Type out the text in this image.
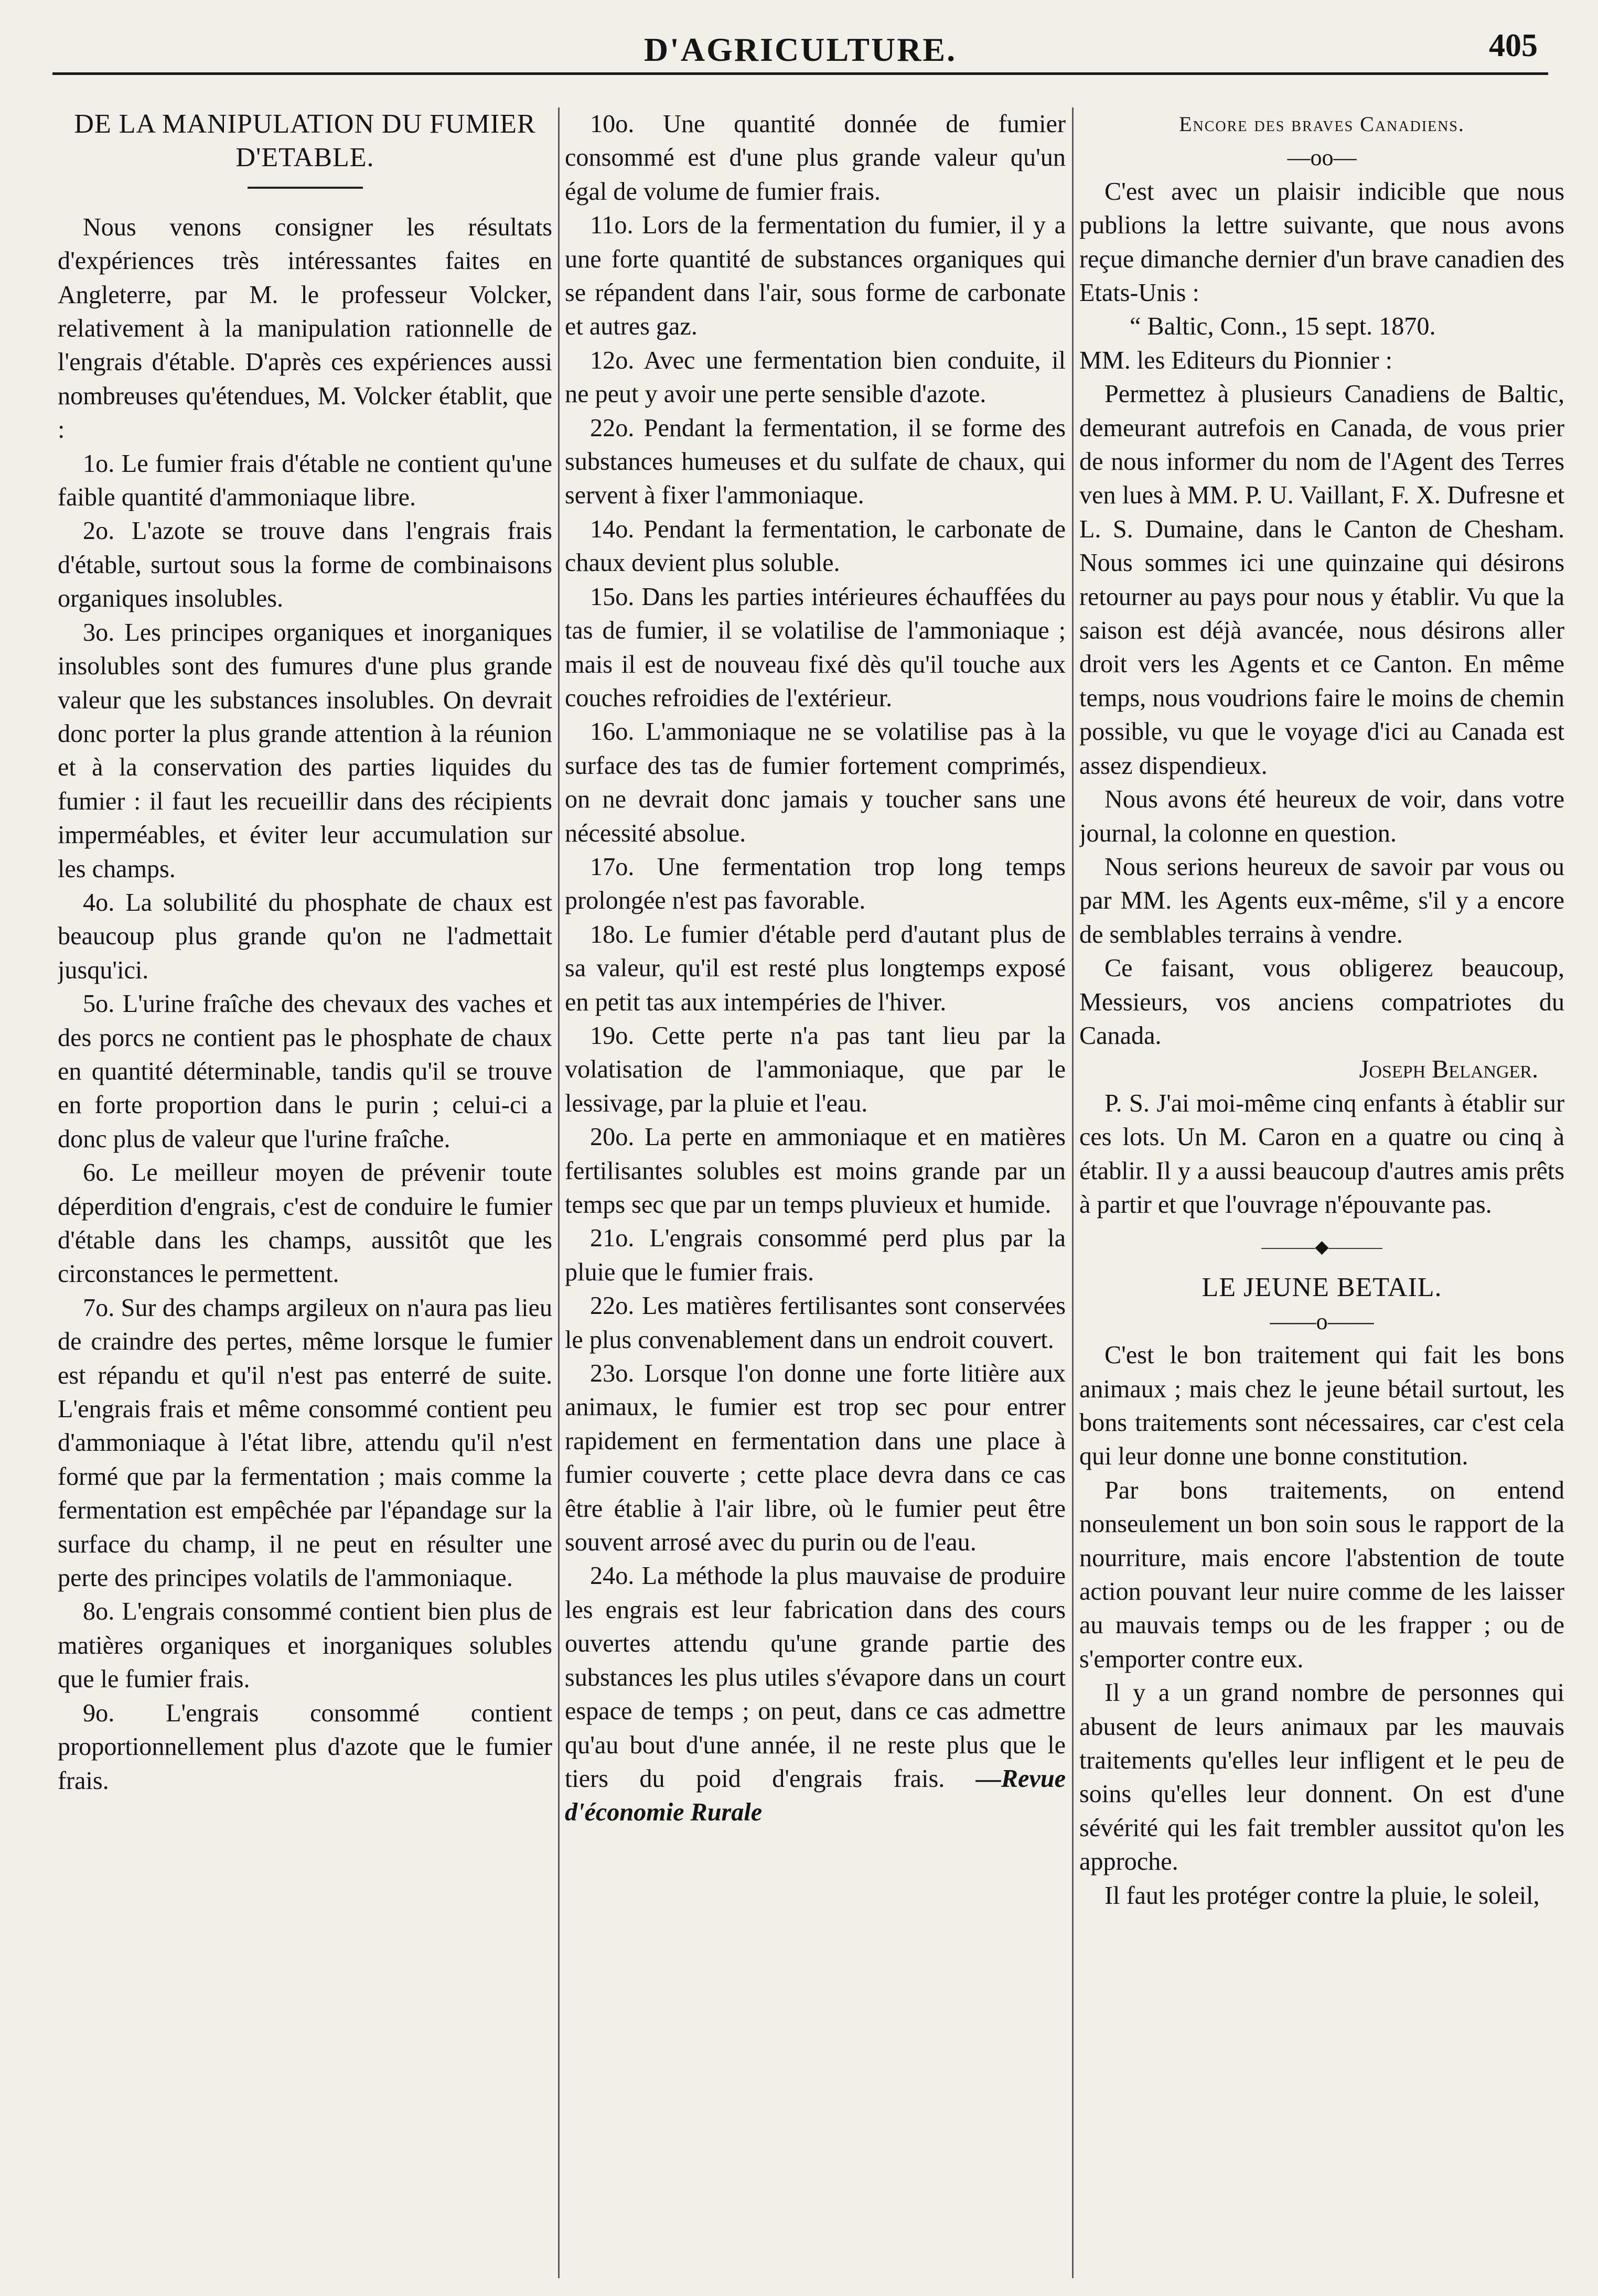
D'AGRICULTURE.	405
DE LA MANIPULATION DU FUMIER D'ETABLE.

Nous venons consigner les résultats d'expériences très intéressantes faites en Angleterre, par M. le professeur Volcker, relativement à la manipulation rationnelle de l'engrais d'étable. D'après ces expériences aussi nombreuses qu'étendues, M. Volcker établit, que :

1o. Le fumier frais d'étable ne contient qu'une faible quantité d'ammoniaque libre.

2o. L'azote se trouve dans l'engrais frais d'étable, surtout sous la forme de combinaisons organiques insolubles.

3o. Les principes organiques et inorganiques insolubles sont des fumures d'une plus grande valeur que les substances insolubles. On devrait donc porter la plus grande attention à la réunion et à la conservation des parties liquides du fumier : il faut les recueillir dans des récipients imperméables, et éviter leur accumulation sur les champs.

4o. La solubilité du phosphate de chaux est beaucoup plus grande qu'on ne l'admettait jusqu'ici.

5o. L'urine fraîche des chevaux des vaches et des porcs ne contient pas le phosphate de chaux en quantité déterminable, tandis qu'il se trouve en forte proportion dans le purin ; celui-ci a donc plus de valeur que l'urine fraîche.

6o. Le meilleur moyen de prévenir toute déperdition d'engrais, c'est de conduire le fumier d'étable dans les champs, aussitôt que les circonstances le permettent.

7o. Sur des champs argileux on n'aura pas lieu de craindre des pertes, même lorsque le fumier est répandu et qu'il n'est pas enterré de suite. L'engrais frais et même consommé contient peu d'ammoniaque à l'état libre, attendu qu'il n'est formé que par la fermentation ; mais comme la fermentation est empêchée par l'épandage sur la surface du champ, il ne peut en résulter une perte des principes volatils de l'ammoniaque.

8o. L'engrais consommé contient bien plus de matières organiques et inorganiques solubles que le fumier frais.

9o. L'engrais consommé contient proportionnellement plus d'azote que le fumier frais.

10o. Une quantité donnée de fumier consommé est d'une plus grande valeur qu'un égal de volume de fumier frais.

11o. Lors de la fermentation du fumier, il y a une forte quantité de substances organiques qui se répandent dans l'air, sous forme de carbonate et autres gaz.

12o. Avec une fermentation bien conduite, il ne peut y avoir une perte sensible d'azote.

22o. Pendant la fermentation, il se forme des substances humeuses et du sulfate de chaux, qui servent à fixer l'ammoniaque.

14o. Pendant la fermentation, le carbonate de chaux devient plus soluble.

15o. Dans les parties intérieures échauffées du tas de fumier, il se volatilise de l'ammoniaque ; mais il est de nouveau fixé dès qu'il touche aux couches refroidies de l'extérieur.

16o. L'ammoniaque ne se volatilise pas à la surface des tas de fumier fortement comprimés, on ne devrait donc jamais y toucher sans une nécessité absolue.

17o. Une fermentation trop long temps prolongée n'est pas favorable.

18o. Le fumier d'étable perd d'autant plus de sa valeur, qu'il est resté plus longtemps exposé en petit tas aux intempéries de l'hiver.

19o. Cette perte n'a pas tant lieu par la volatisation de l'ammoniaque, que par le lessivage, par la pluie et l'eau.

20o. La perte en ammoniaque et en matières fertilisantes solubles est moins grande par un temps sec que par un temps pluvieux et humide.

21o. L'engrais consommé perd plus par la pluie que le fumier frais.

22o. Les matières fertilisantes sont conservées le plus convenablement dans un endroit couvert.

23o. Lorsque l'on donne une forte litière aux animaux, le fumier est trop sec pour entrer rapidement en fermentation dans une place à fumier couverte ; cette place devra dans ce cas être établie à l'air libre, où le fumier peut être souvent arrosé avec du purin ou de l'eau.

24o. La méthode la plus mauvaise de produire les engrais est leur fabrication dans des cours ouvertes attendu qu'une grande partie des substances les plus utiles s'évapore dans un court espace de temps ; on peut, dans ce cas admettre qu'au bout d'une année, il ne reste plus que le tiers du poid d'engrais frais. —Revue d'économie Rurale

Encore des braves Canadiens.
—oo—

C'est avec un plaisir indicible que nous publions la lettre suivante, que nous avons reçue dimanche dernier d'un brave canadien des Etats-Unis :

“ Baltic, Conn., 15 sept. 1870.

MM. les Editeurs du Pionnier :

Permettez à plusieurs Canadiens de Baltic, demeurant autrefois en Canada, de vous prier de nous informer du nom de l'Agent des Terres ven lues à MM. P. U. Vaillant, F. X. Dufresne et L. S. Dumaine, dans le Canton de Chesham. Nous sommes ici une quinzaine qui désirons retourner au pays pour nous y établir. Vu que la saison est déjà avancée, nous désirons aller droit vers les Agents et ce Canton. En même temps, nous voudrions faire le moins de chemin possible, vu que le voyage d'ici au Canada est assez dispendieux.

Nous avons été heureux de voir, dans votre journal, la colonne en question.

Nous serions heureux de savoir par vous ou par MM. les Agents eux-même, s'il y a encore de semblables terrains à vendre.

Ce faisant, vous obligerez beaucoup, Messieurs, vos anciens compatriotes du Canada.

Joseph Belanger.

P. S. J'ai moi-même cinq enfants à établir sur ces lots. Un M. Caron en a quatre ou cinq à établir. Il y a aussi beaucoup d'autres amis prêts à partir et que l'ouvrage n'épouvante pas.

———◆———
LE JEUNE BETAIL.
——o——

C'est le bon traitement qui fait les bons animaux ; mais chez le jeune bétail surtout, les bons traitements sont nécessaires, car c'est cela qui leur donne une bonne constitution.

Par bons traitements, on entend nonseulement un bon soin sous le rapport de la nourriture, mais encore l'abstention de toute action pouvant leur nuire comme de les laisser au mauvais temps ou de les frapper ; ou de s'emporter contre eux.

Il y a un grand nombre de personnes qui abusent de leurs animaux par les mauvais traitements qu'elles leur infligent et le peu de soins qu'elles leur donnent. On est d'une sévérité qui les fait trembler aussitot qu'on les approche.

Il faut les protéger contre la pluie, le soleil,
